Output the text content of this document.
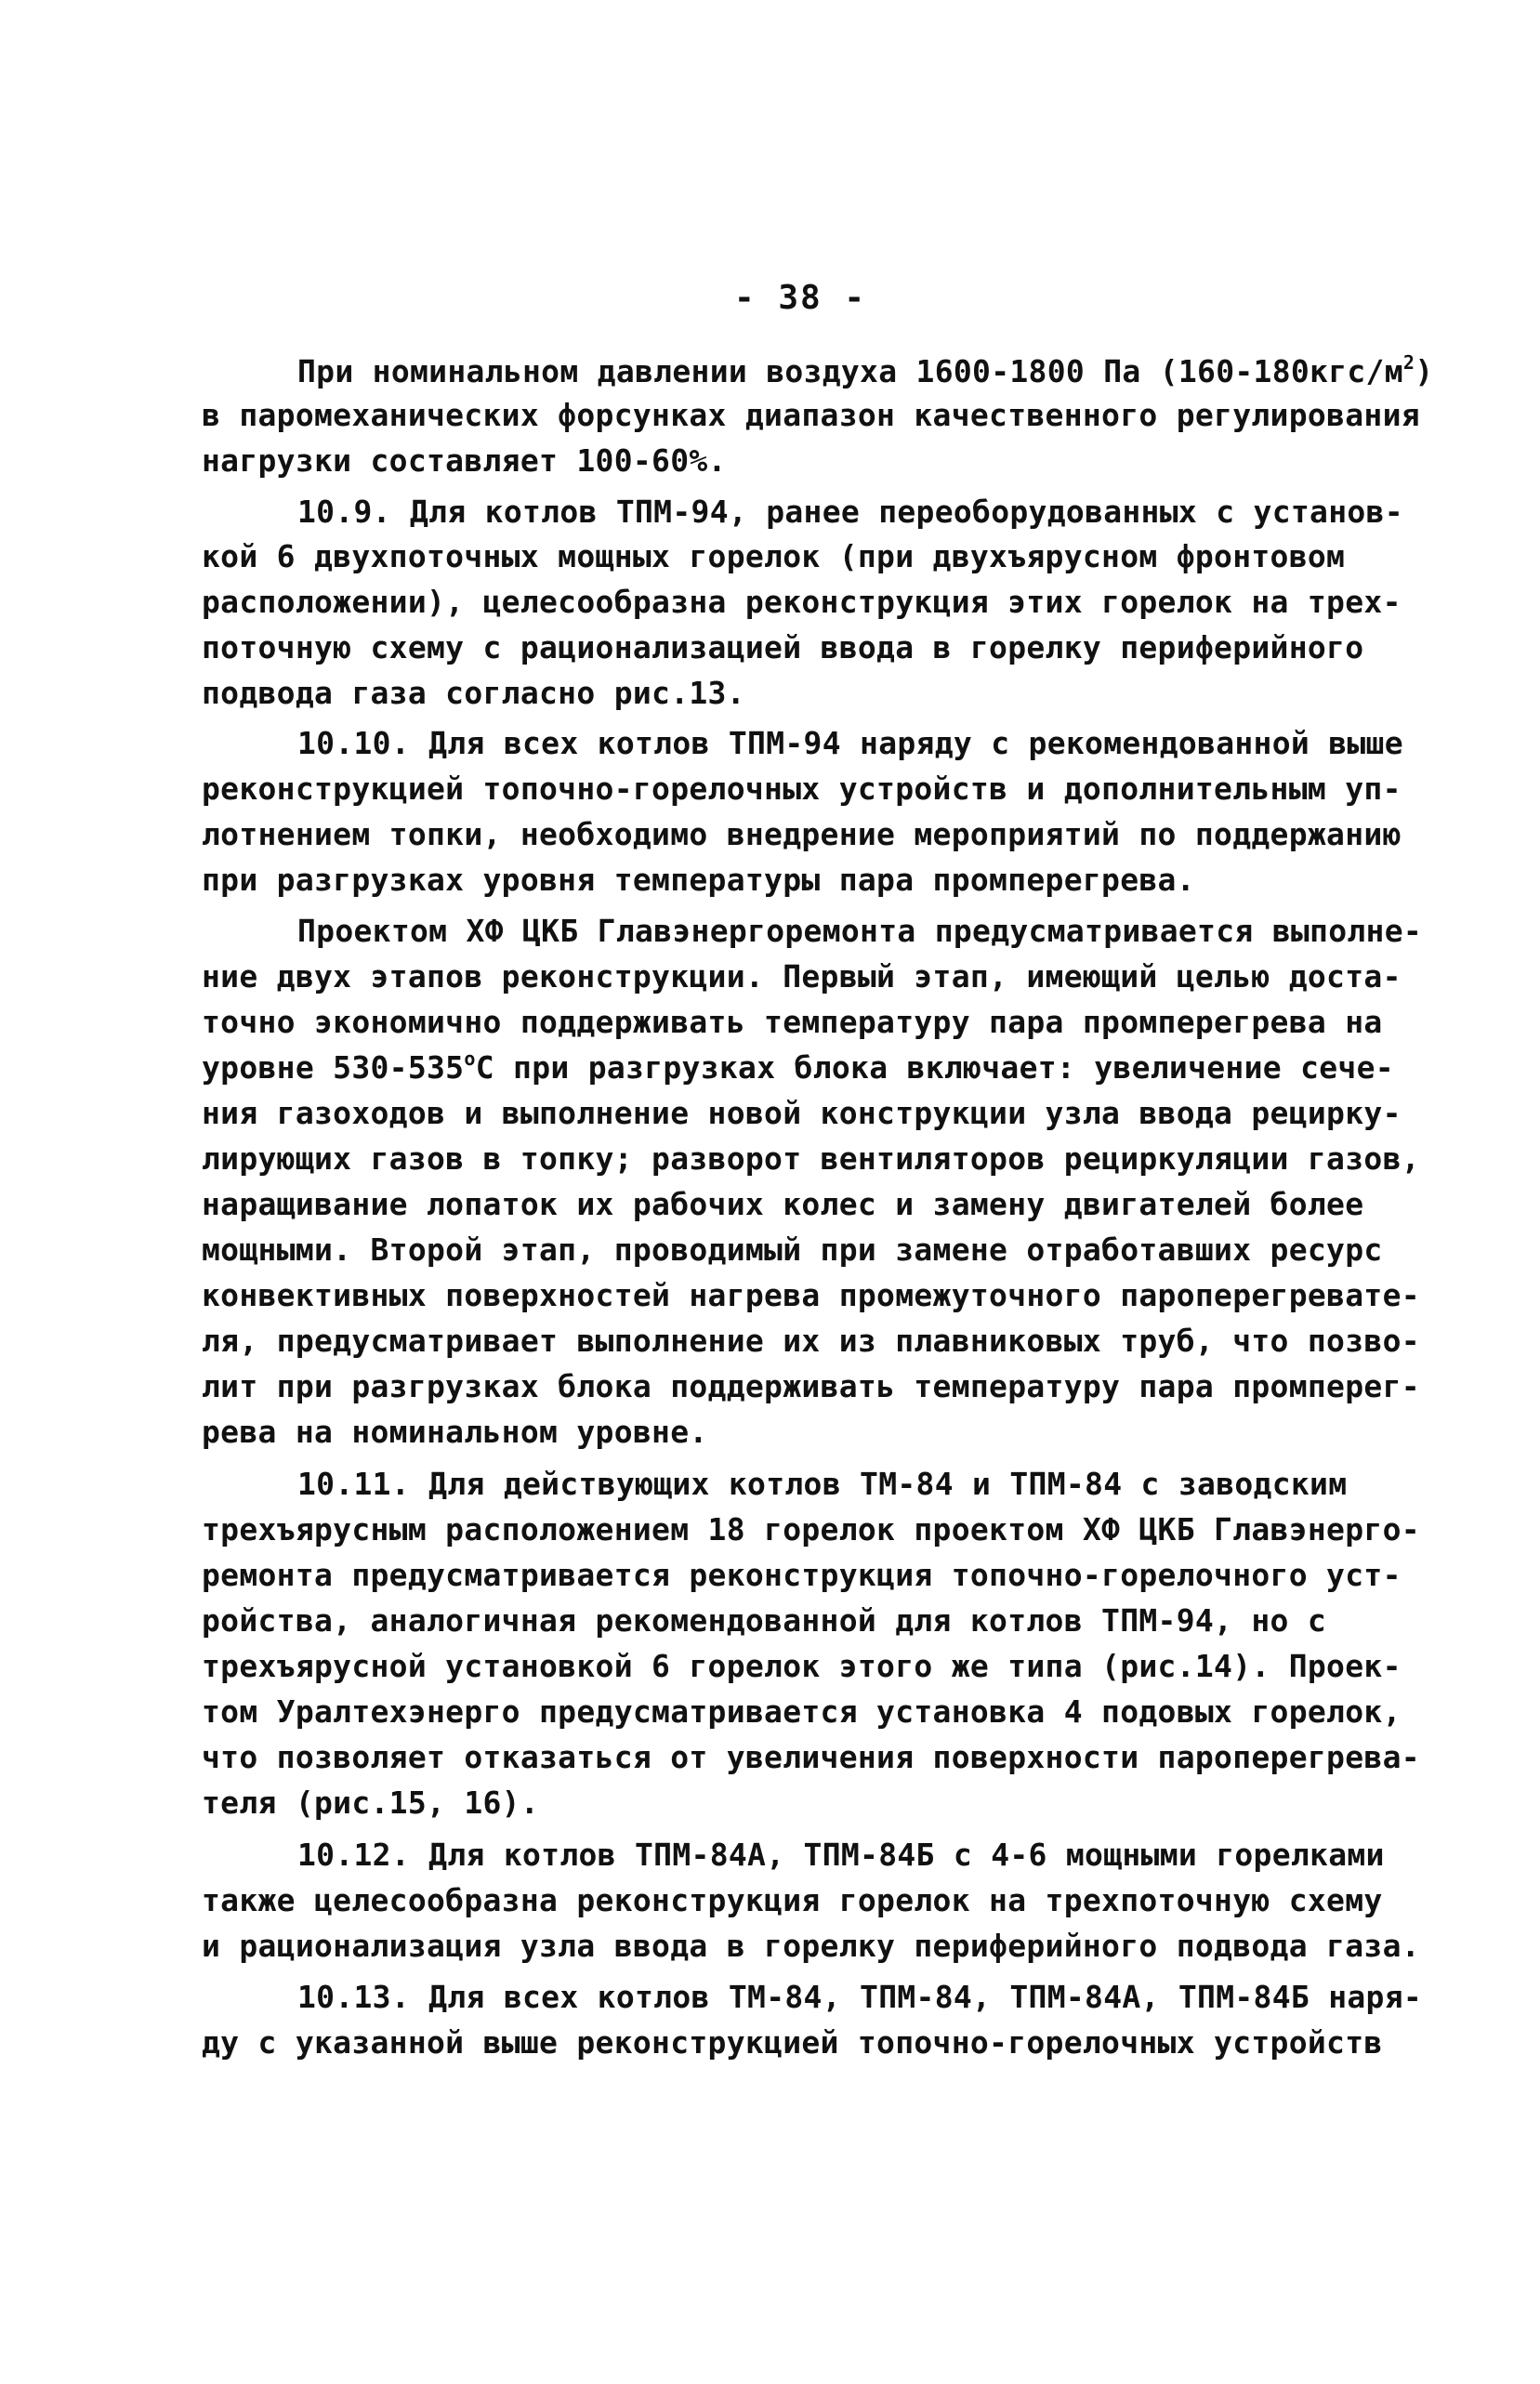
- 38 -
При номинальном давлении воздуха 1600-1800 Па $(160-180кгс/м^2)$
в паромеханических форсунках диапазон качественного регулирования
нагрузки составляет 100-60%.
10.9. Для котлов ТПМ-94, ранее переоборудованных с установ-
кой 6 двухпоточных мощных горелок (при двухъярусном фронтовом
расположении), целесообразна реконструкция этих горелок на трех-
поточную схему с рационализацией ввода в горелку периферийного
подвода газа согласно рис.13.
10.10. Для всех котлов ТПМ-94 наряду с рекомендованной выше
реконструкцией топочно-горелочных устройств и дополнительным уп-
лотнением топки, необходимо внедрение мероприятий по поддержанию
при разгрузках уровня температуры пара промперегрева.
Проектом ХФ ЦКБ Главэнергоремонта предусматривается выполне-
ние двух этапов реконструкции. Первый этап, имеющий целью доста-
точно экономично поддерживать температуру пара промперегрева на
уровне $530-535^оС$ при разгрузках блока включает: увеличение сече-
ния газоходов и выполнение новой конструкции узла ввода рецирку-
лирующих газов в топку; разворот вентиляторов рециркуляции газов,
наращивание лопаток их рабочих колес и замену двигателей более
мощными. Второй этап, проводимый при замене отработавших ресурс
конвективных поверхностей нагрева промежуточного пароперегревате-
ля, предусматривает выполнение их из плавниковых труб, что позво-
лит при разгрузках блока поддерживать температуру пара промперег-
рева на номинальном уровне.
10.11. Для действующих котлов ТМ-84 и ТПМ-84 с заводским
трехъярусным расположением 18 горелок проектом ХФ ЦКБ Главэнерго-
ремонта предусматривается реконструкция топочно-горелочного уст-
ройства, аналогичная рекомендованной для котлов ТПМ-94, но с
трехъярусной установкой 6 горелок этого же типа (рис.14). Проек-
том Уралтехэнерго предусматривается установка 4 подовых горелок,
что позволяет отказаться от увеличения поверхности пароперегрева-
теля (рис.15, 16).
10.12. Для котлов ТПМ-84А, ТПМ-84Б с 4-6 мощными горелками
также целесообразна реконструкция горелок на трехпоточную схему
и рационализация узла ввода в горелку периферийного подвода газа.
10.13. Для всех котлов ТМ-84, ТПМ-84, ТПМ-84А, ТПМ-84Б наря-
ду с указанной выше реконструкцией топочно-горелочных устройств
